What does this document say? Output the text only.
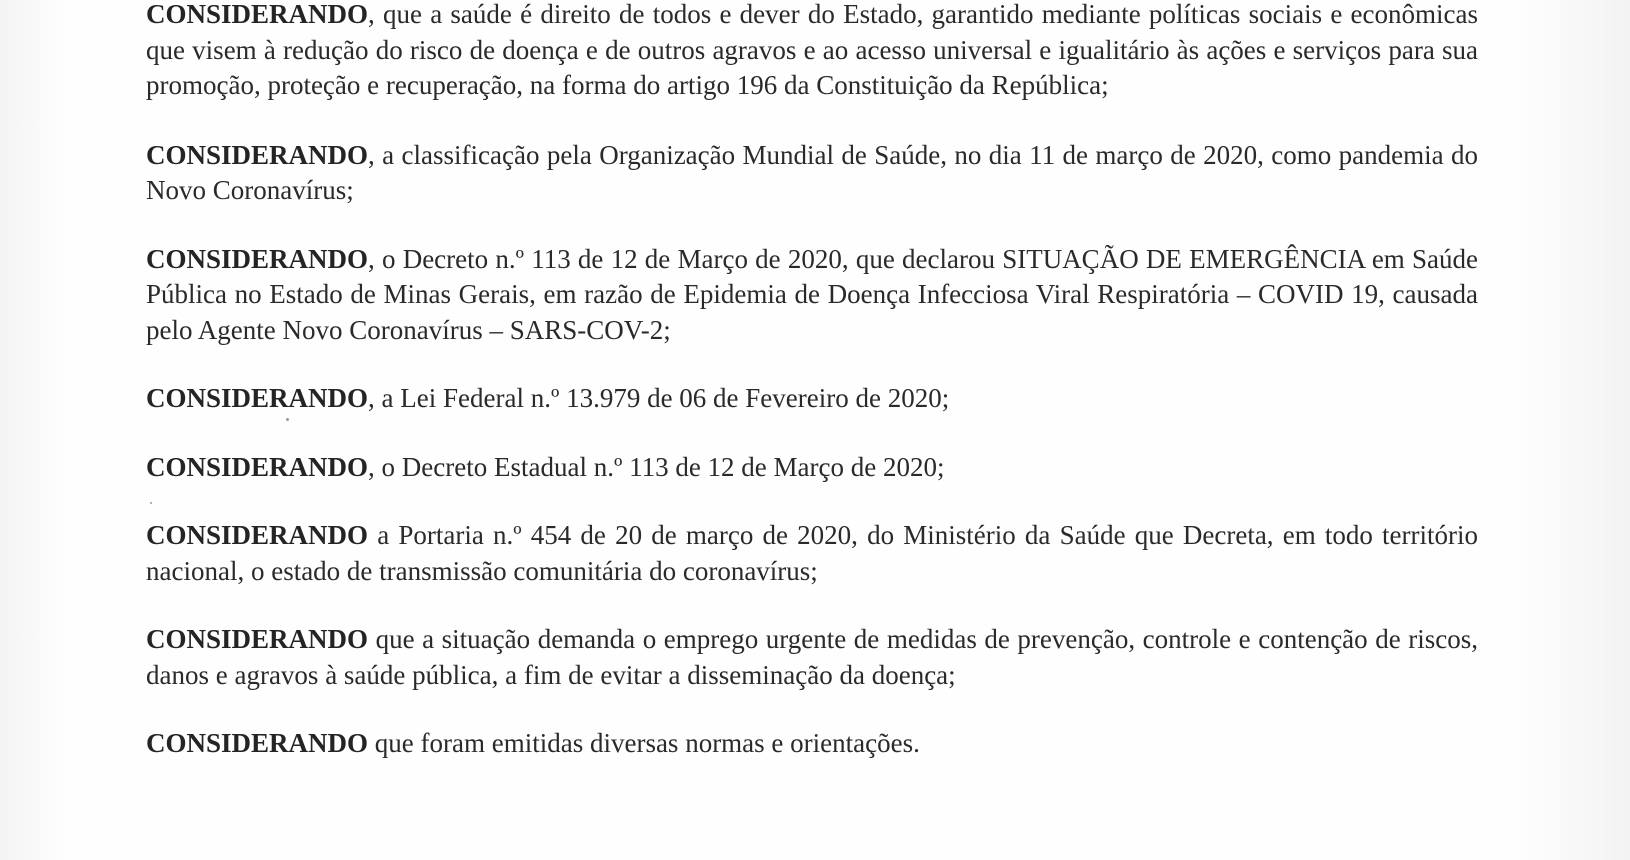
CONSIDERANDO, que a saúde é direito de todos e dever do Estado, garantido mediante políticas sociais e econômicas que visem à redução do risco de doença e de outros agravos e ao acesso universal e igualitário às ações e serviços para sua promoção, proteção e recuperação, na forma do artigo 196 da Constituição da República;

CONSIDERANDO, a classificação pela Organização Mundial de Saúde, no dia 11 de março de 2020, como pandemia do Novo Coronavírus;

CONSIDERANDO, o Decreto n.º 113 de 12 de Março de 2020, que declarou SITUAÇÃO DE EMERGÊNCIA em Saúde Pública no Estado de Minas Gerais, em razão de Epidemia de Doença Infecciosa Viral Respiratória – COVID 19, causada pelo Agente Novo Coronavírus – SARS-COV-2;

CONSIDERANDO, a Lei Federal n.º 13.979 de 06 de Fevereiro de 2020;

CONSIDERANDO, o Decreto Estadual n.º 113 de 12 de Março de 2020;

CONSIDERANDO a Portaria n.º 454 de 20 de março de 2020, do Ministério da Saúde que Decreta, em todo território nacional, o estado de transmissão comunitária do coronavírus;

CONSIDERANDO que a situação demanda o emprego urgente de medidas de prevenção, controle e contenção de riscos, danos e agravos à saúde pública, a fim de evitar a disseminação da doença;

CONSIDERANDO que foram emitidas diversas normas e orientações.
